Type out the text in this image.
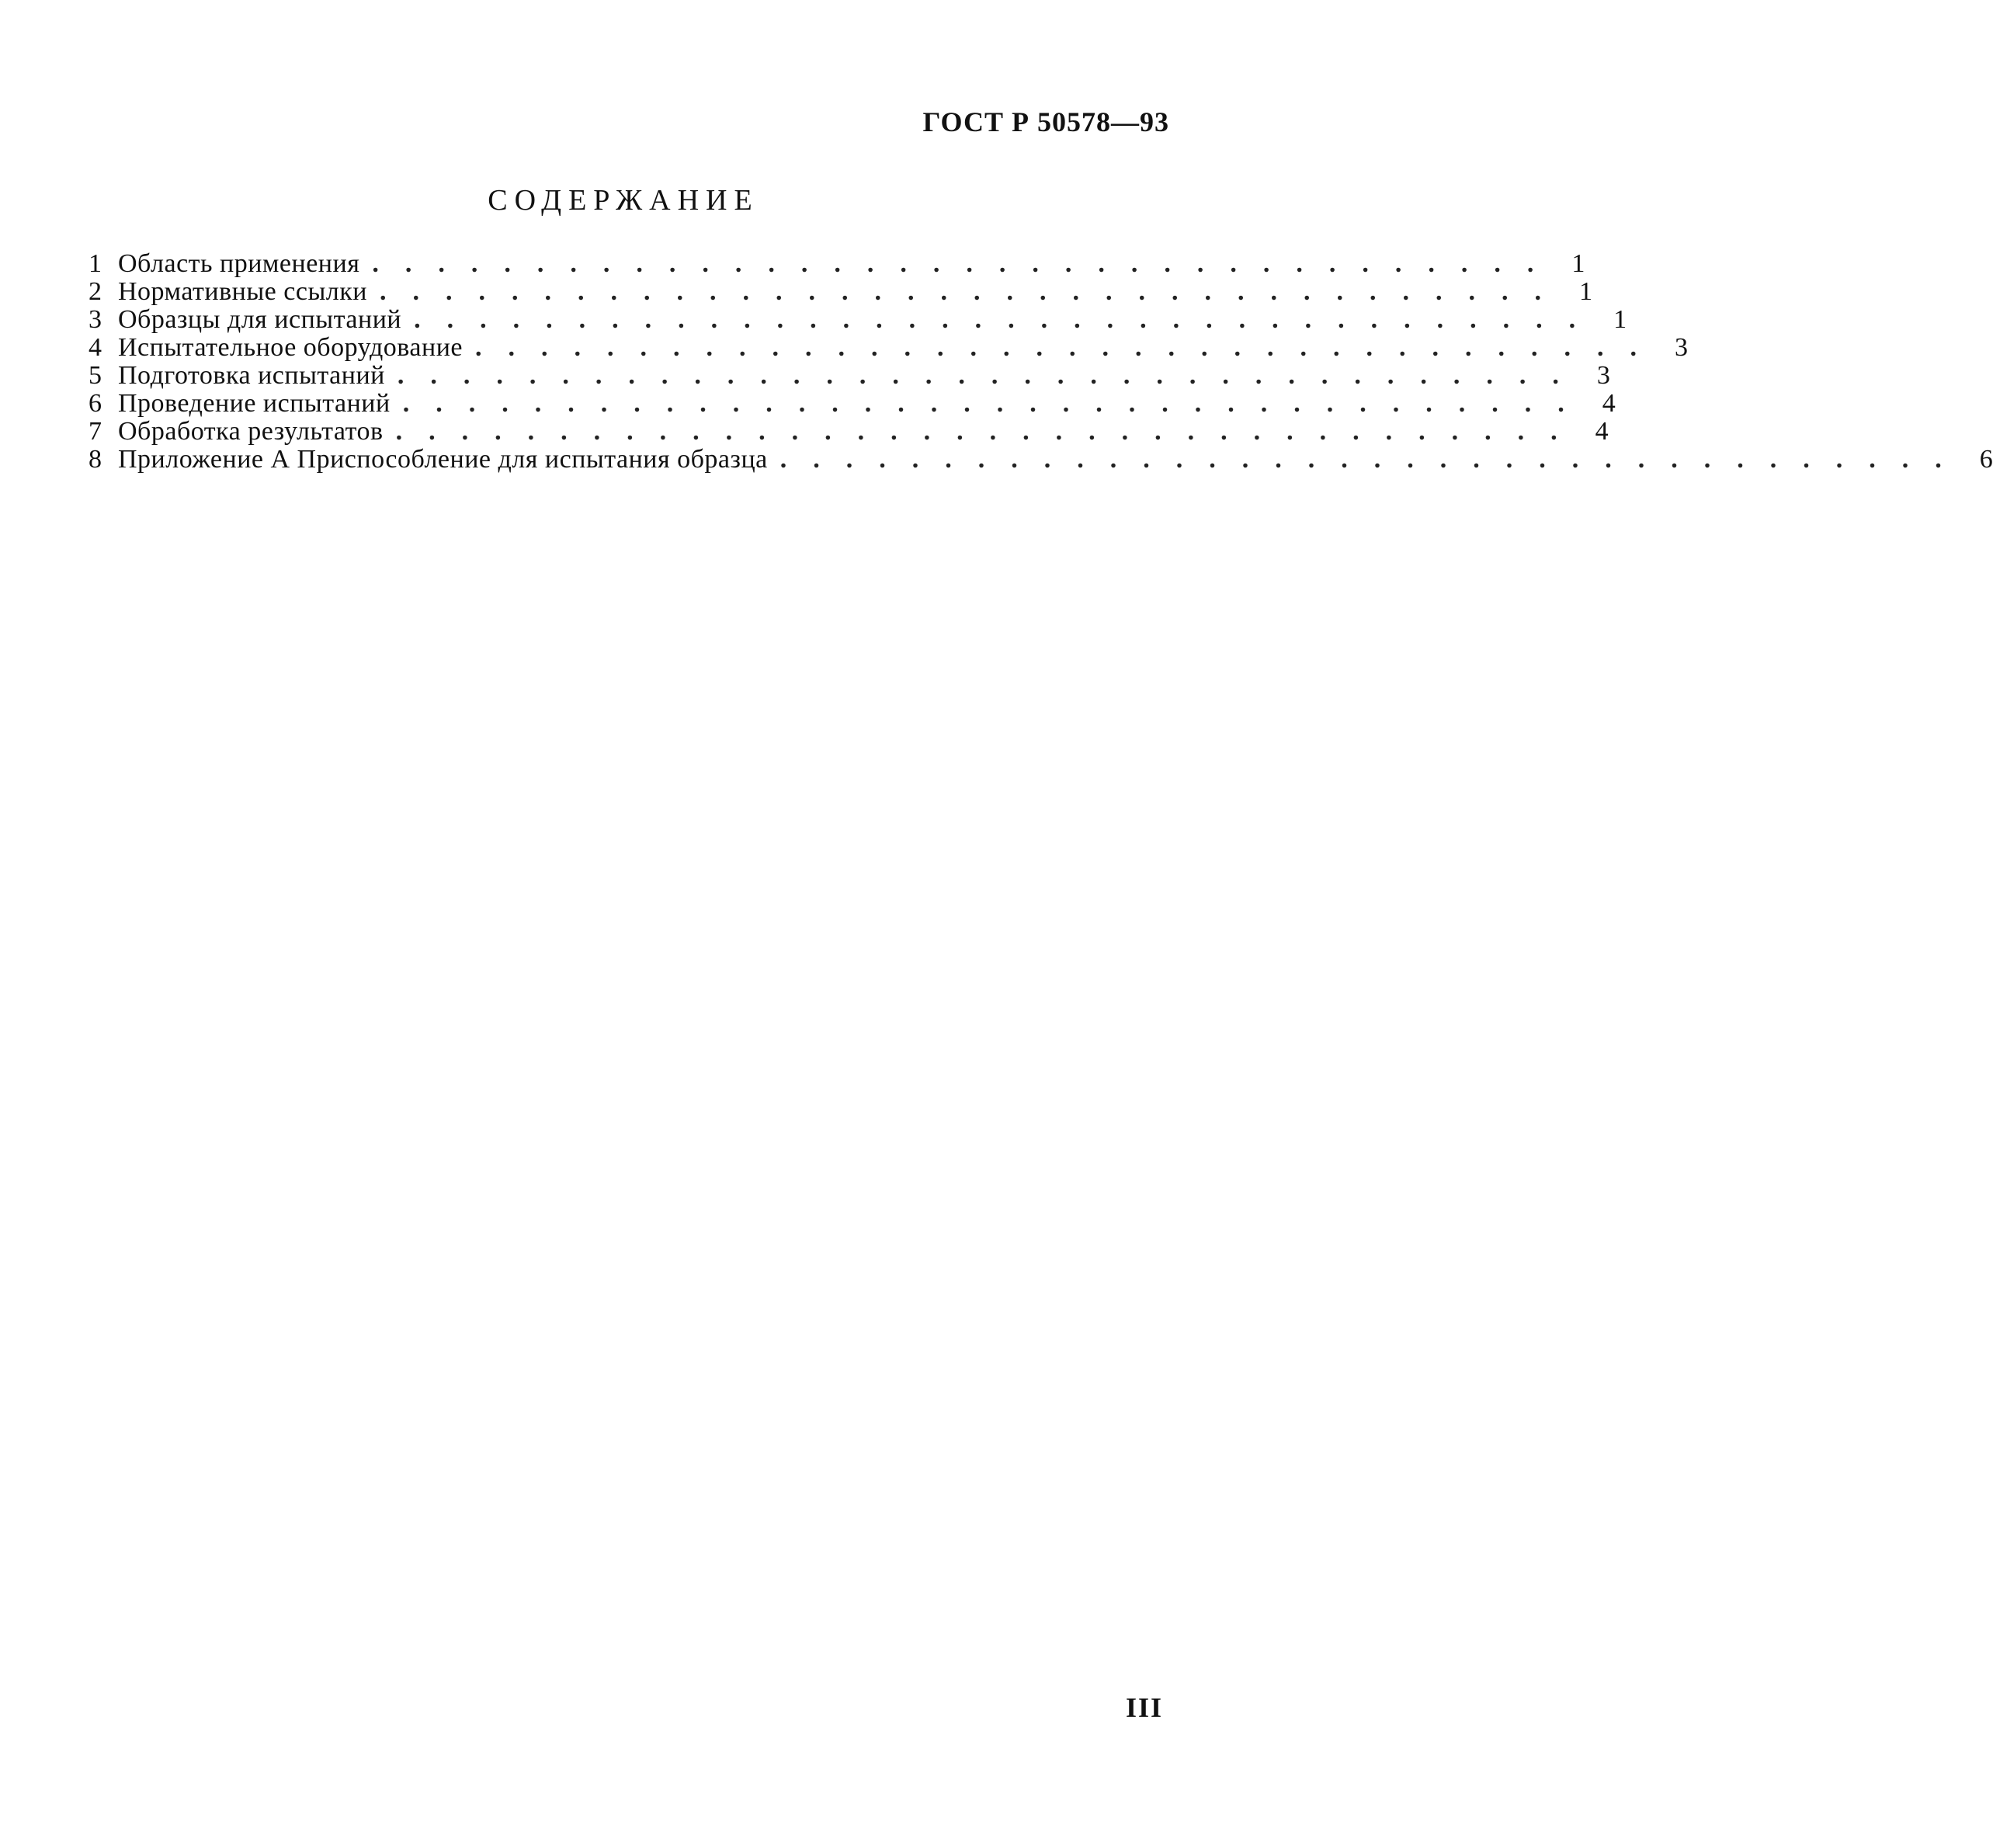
ГОСТ Р 50578—93
СОДЕРЖАНИЕ
1 Область применения .................................... 1
2 Нормативные ссылки .................................... 1
3 Образцы для испытаний .................................... 1
4 Испытательное оборудование .................................... 3
5 Подготовка испытаний .................................... 3
6 Проведение испытаний .................................... 4
7 Обработка результатов .................................... 4
8 Приложение А Приспособление для испытания образца .................................... 6
III
